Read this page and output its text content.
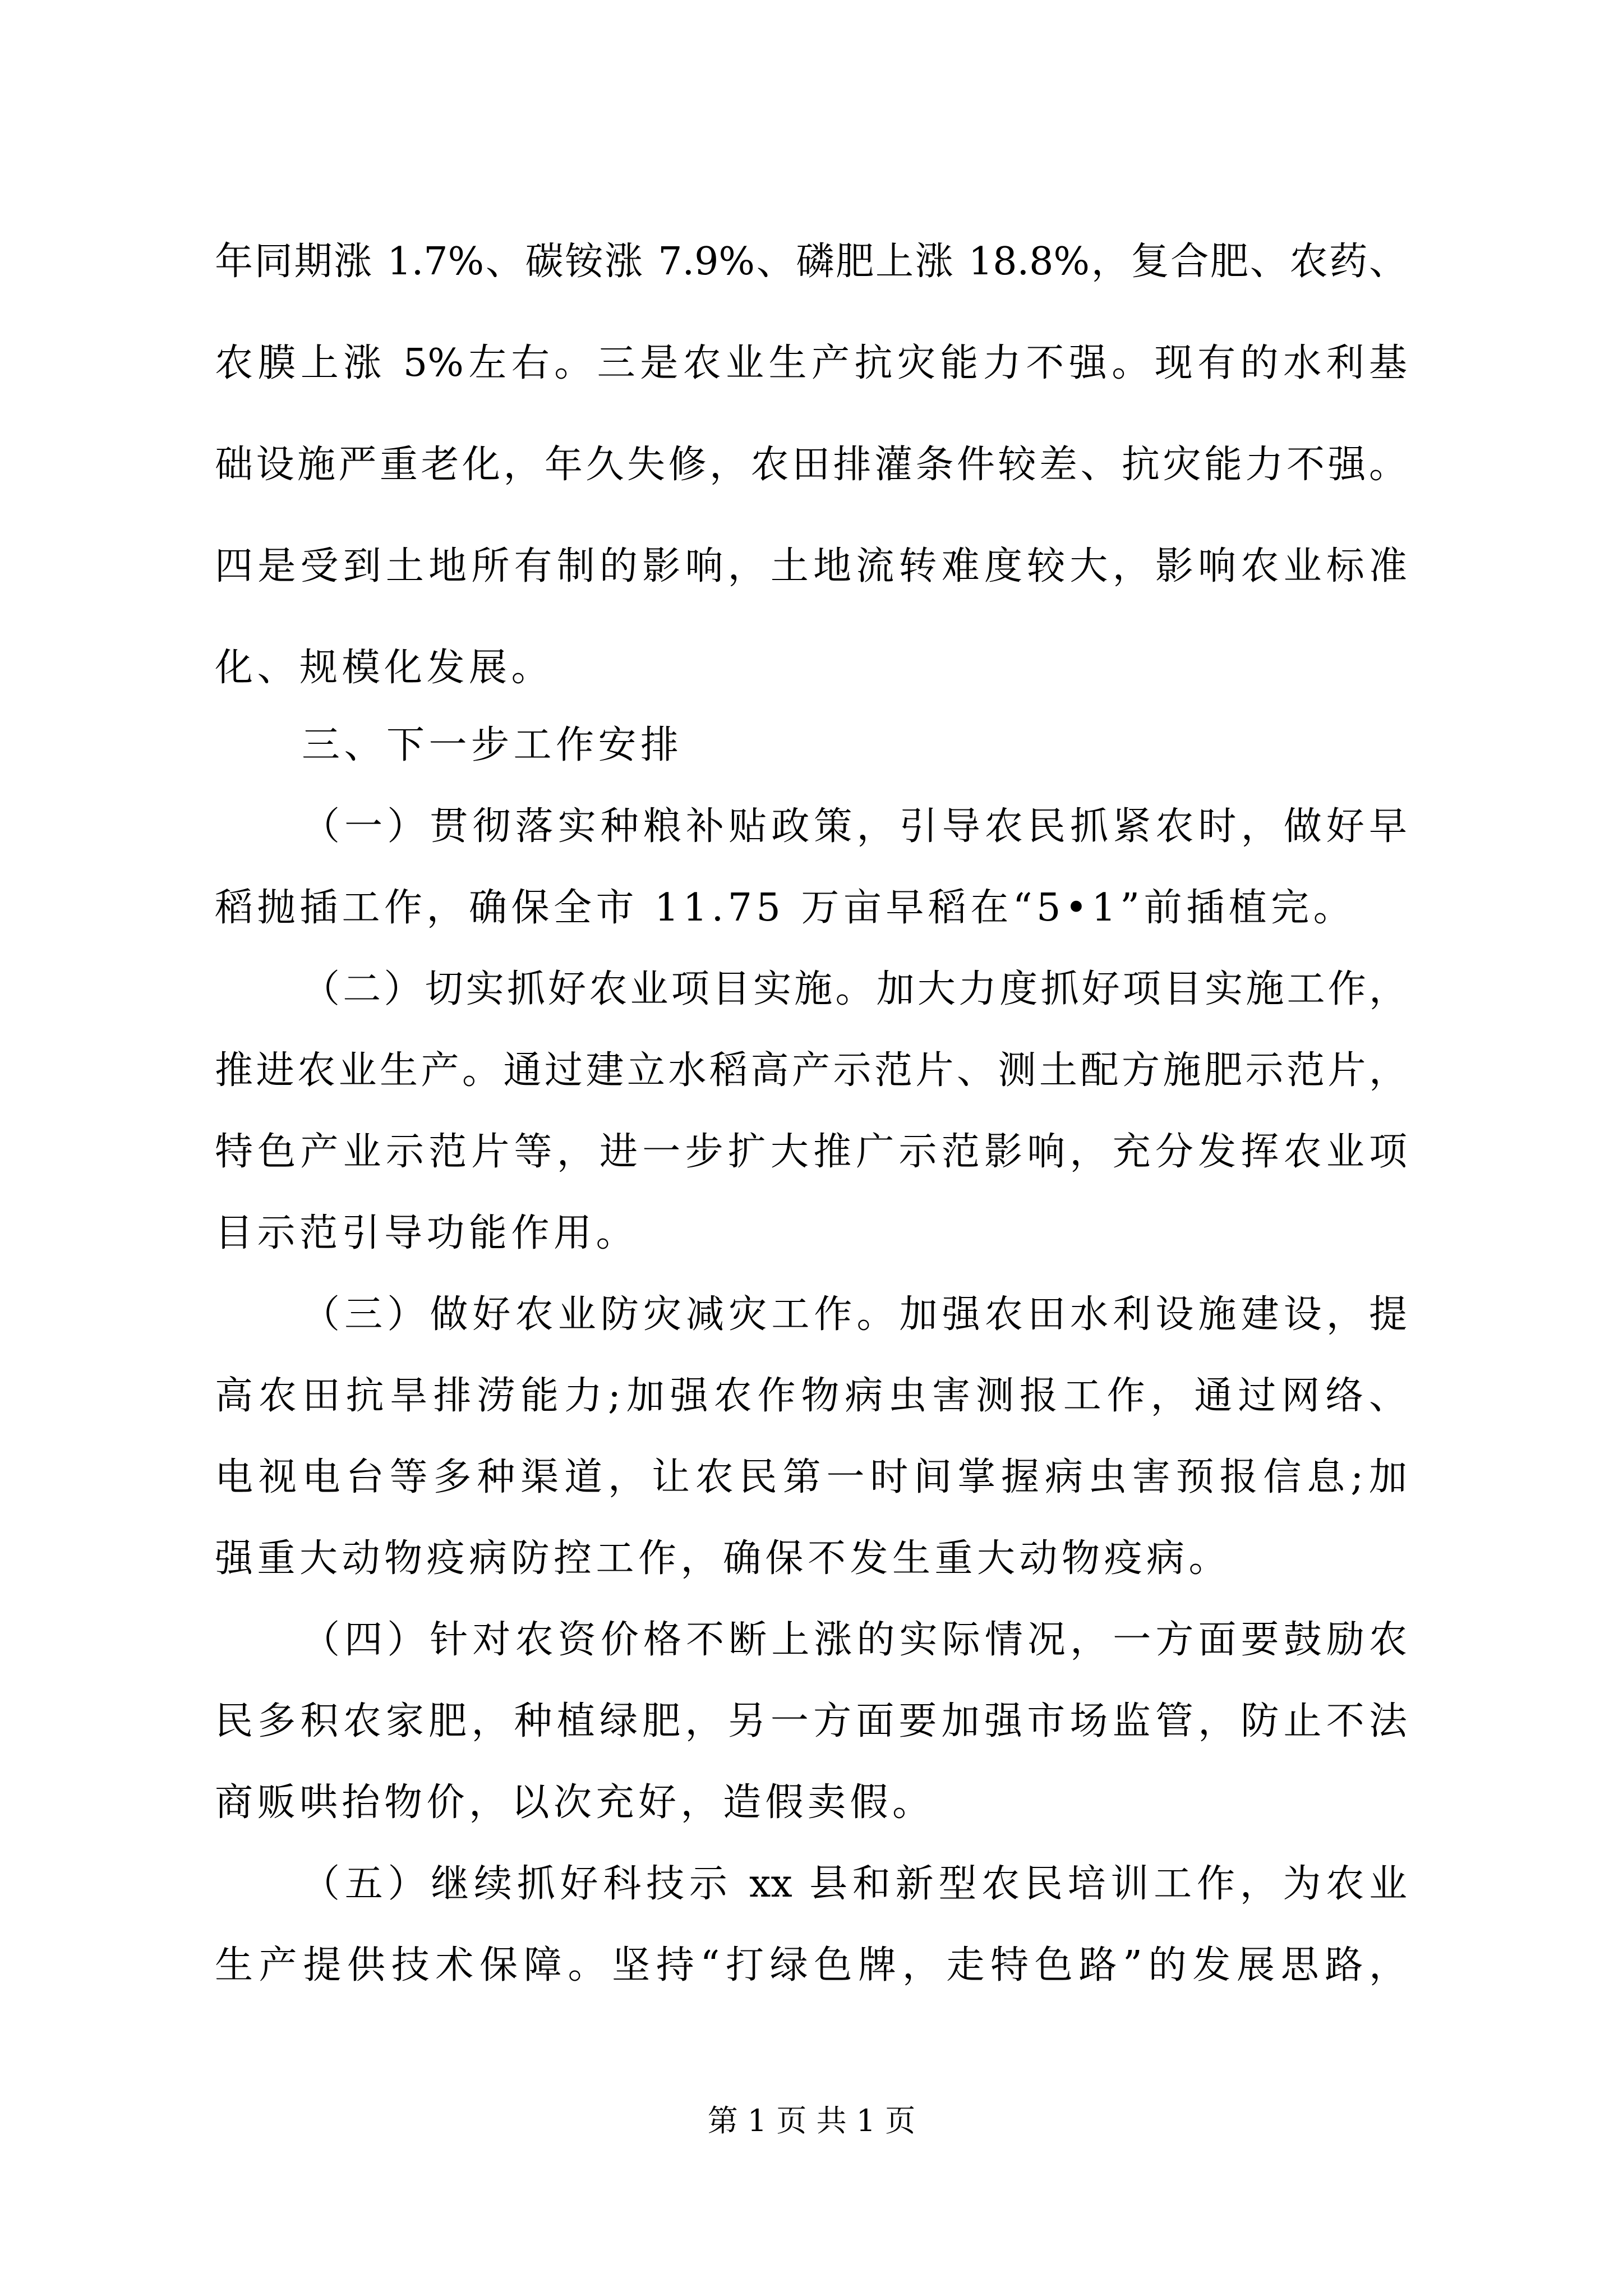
年同期涨 1.7%、碳铵涨 7.9%、磷肥上涨 18.8%，复合肥、农药、
农膜上涨 5%左右。三是农业生产抗灾能力不强。现有的水利基
础设施严重老化，年久失修，农田排灌条件较差、抗灾能力不强。
四是受到土地所有制的影响，土地流转难度较大，影响农业标准
化、规模化发展。
三、下一步工作安排
（一）贯彻落实种粮补贴政策，引导农民抓紧农时，做好早
稻抛插工作，确保全市 11.75 万亩早稻在“5•1”前插植完。
（二）切实抓好农业项目实施。加大力度抓好项目实施工作，
推进农业生产。通过建立水稻高产示范片、测土配方施肥示范片，
特色产业示范片等，进一步扩大推广示范影响，充分发挥农业项
目示范引导功能作用。
（三）做好农业防灾减灾工作。加强农田水利设施建设，提
高农田抗旱排涝能力;加强农作物病虫害测报工作，通过网络、
电视电台等多种渠道，让农民第一时间掌握病虫害预报信息;加
强重大动物疫病防控工作，确保不发生重大动物疫病。
（四）针对农资价格不断上涨的实际情况，一方面要鼓励农
民多积农家肥，种植绿肥，另一方面要加强市场监管，防止不法
商贩哄抬物价，以次充好，造假卖假。
（五）继续抓好科技示 xx 县和新型农民培训工作，为农业
生产提供技术保障。坚持“打绿色牌，走特色路”的发展思路，
第 1 页 共 1 页
